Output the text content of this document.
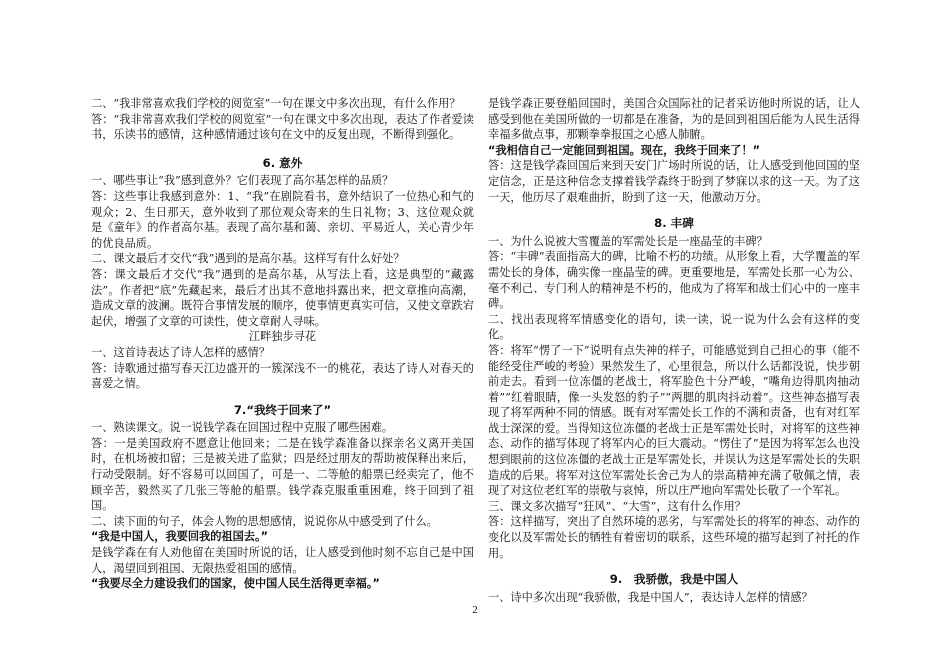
二、“我非常喜欢我们学校的阅览室”一句在课文中多次出现，有什么作用？

答：“我非常喜欢我们学校的阅览室”一句在课文中多次出现，表达了作者爱读书，乐读书的感情，这种感情通过该句在文中的反复出现，不断得到强化。

6. 意外

一、哪些事让“我”感到意外？它们表现了高尔基怎样的品质？

答：这些事让我感到意外：1、“我”在剧院看书，意外结识了一位热心和气的观众；2、生日那天，意外收到了那位观众寄来的生日礼物；3、这位观众就是《童年》的作者高尔基。表现了高尔基和蔼、亲切、平易近人，关心青少年的优良品质。

二、课文最后才交代“我”遇到的是高尔基。这样写有什么好处？

答：课文最后才交代“我”遇到的是高尔基，从写法上看，这是典型的“藏露法”。作者把“底”先藏起来，最后才出其不意地抖露出来，把文章推向高潮，造成文章的波澜。既符合事情发展的顺序，使事情更真实可信，又使文章跌宕起伏，增强了文章的可读性，使文章耐人寻味。

江畔独步寻花

一、这首诗表达了诗人怎样的感情？

答：诗歌通过描写春天江边盛开的一簇深浅不一的桃花，表达了诗人对春天的喜爱之情。

7.“我终于回来了”

一、熟读课文。说一说钱学森在回国过程中克服了哪些困难。

答：一是美国政府不愿意让他回来；二是在钱学森准备以探亲名义离开美国时，在机场被扣留；三是被关进了监狱；四是经过朋友的帮助被保释出来后，行动受限制。好不容易可以回国了，可是一、二等舱的船票已经卖完了，他不顾辛苦，毅然买了几张三等舱的船票。钱学森克服重重困难，终于回到了祖国。

二、读下面的句子，体会人物的思想感情，说说你从中感受到了什么。

“我是中国人，我要回我的祖国去。”

是钱学森在有人劝他留在美国时所说的话，让人感受到他时刻不忘自己是中国人，渴望回到祖国、无限热爱祖国的感情。

“我要尽全力建设我们的国家，使中国人民生活得更幸福。”

是钱学森正要登船回国时，美国合众国际社的记者采访他时所说的话，让人感受到他在美国所做的一切都是在准备，为的是回到祖国后能为人民生活得幸福多做点事，那颗拳拳报国之心感人肺腑。

“我相信自己一定能回到祖国。现在，我终于回来了！”

答：这是钱学森回国后来到天安门广场时所说的话，让人感受到他回国的坚定信念，正是这种信念支撑着钱学森终于盼到了梦寐以求的这一天。为了这一天，他历尽了艰难曲折，盼到了这一天，他激动万分。

8. 丰碑

一、为什么说被大雪覆盖的军需处长是一座晶莹的丰碑？

答：“丰碑”表面指高大的碑，比喻不朽的功绩。从形象上看，大学覆盖的军需处长的身体，确实像一座晶莹的碑。更重要地是，军需处长那一心为公、毫不利己、专门利人的精神是不朽的，他成为了将军和战士们心中的一座丰碑。

二、找出表现将军情感变化的语句，读一读，说一说为什么会有这样的变化。

答：将军“愣了一下”说明有点失神的样子，可能感觉到自己担心的事（能不能经受住严峻的考验）果然发生了，心里很急，所以什么话都没说，快步朝前走去。看到一位冻僵的老战士，将军脸色十分严峻，“嘴角边得肌肉抽动着”“红着眼睛，像一头发怒的豹子”“两腮的肌肉抖动着”。这些神态描写表现了将军两种不同的情感。既有对军需处长工作的不满和责备，也有对红军战士深深的爱。当得知这位冻僵的老战士正是军需处长时，对将军的这些神态、动作的描写体现了将军内心的巨大震动。“愣住了”是因为将军怎么也没想到眼前的这位冻僵的老战士正是军需处长，并误认为这是军需处长的失职造成的后果。将军对这位军需处长舍己为人的崇高精神充满了敬佩之情，表现了对这位老红军的崇敬与哀悼，所以庄严地向军需处长敬了一个军礼。

三、课文多次描写“狂风”、“大雪”，这有什么作用？

答：这样描写，突出了自然环境的恶劣，与军需处长的将军的神态、动作的变化以及军需处长的牺牲有着密切的联系，这些环境的描写起到了衬托的作用。

9.　我骄傲，我是中国人

一、诗中多次出现“我骄傲，我是中国人”，表达诗人怎样的情感？

2
